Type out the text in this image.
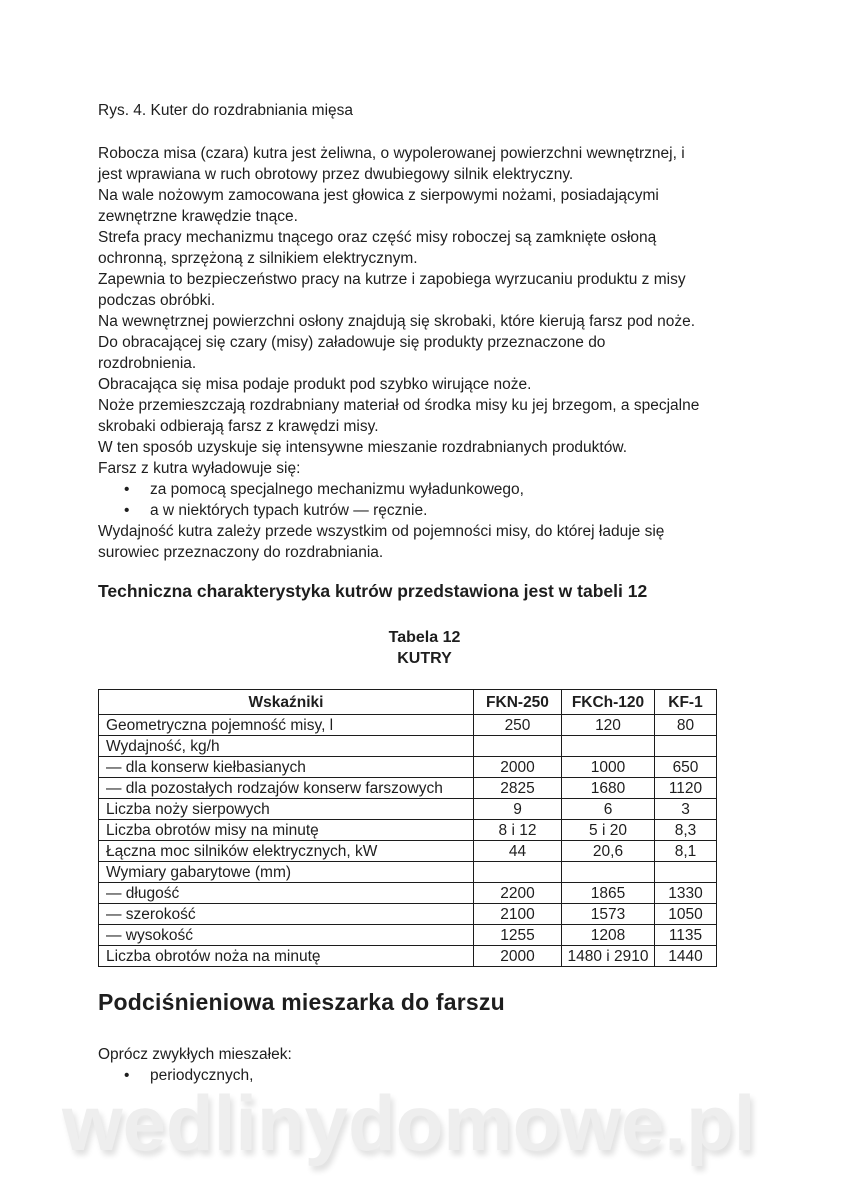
Rys. 4. Kuter do rozdrabniania mięsa
Robocza misa (czara) kutra jest żeliwna, o wypolerowanej powierzchni wewnętrznej, i
jest wprawiana w ruch obrotowy przez dwubiegowy silnik elektryczny.
Na wale nożowym zamocowana jest głowica z sierpowymi nożami, posiadającymi
zewnętrzne krawędzie tnące.
Strefa pracy mechanizmu tnącego oraz część misy roboczej są zamknięte osłoną
ochronną, sprzężoną z silnikiem elektrycznym.
Zapewnia to bezpieczeństwo pracy na kutrze i zapobiega wyrzucaniu produktu z misy
podczas obróbki.
Na wewnętrznej powierzchni osłony znajdują się skrobaki, które kierują farsz pod noże.
Do obracającej się czary (misy) załadowuje się produkty przeznaczone do
rozdrobnienia.
Obracająca się misa podaje produkt pod szybko wirujące noże.
Noże przemieszczają rozdrabniany materiał od środka misy ku jej brzegom, a specjalne
skrobaki odbierają farsz z krawędzi misy.
W ten sposób uzyskuje się intensywne mieszanie rozdrabnianych produktów.
Farsz z kutra wyładowuje się:
• za pomocą specjalnego mechanizmu wyładunkowego,
• a w niektórych typach kutrów — ręcznie.
Wydajność kutra zależy przede wszystkim od pojemności misy, do której ładuje się
surowiec przeznaczony do rozdrabniania.
Techniczna charakterystyka kutrów przedstawiona jest w tabeli 12
Tabela 12
KUTRY
Wskaźniki	FKN-250	FKCh-120	KF-1
Geometryczna pojemność misy, l	250	120	80
Wydajność, kg/h			
— dla konserw kiełbasianych	2000	1000	650
— dla pozostałych rodzajów konserw farszowych	2825	1680	1120
Liczba noży sierpowych	9	6	3
Liczba obrotów misy na minutę	8 i 12	5 i 20	8,3
Łączna moc silników elektrycznych, kW	44	20,6	8,1
Wymiary gabarytowe (mm)			
— długość	2200	1865	1330
— szerokość	2100	1573	1050
— wysokość	1255	1208	1135
Liczba obrotów noża na minutę	2000	1480 i 2910	1440
Podciśnieniowa mieszarka do farszu
Oprócz zwykłych mieszałek:
• periodycznych,
wedlinydomowe.pl
